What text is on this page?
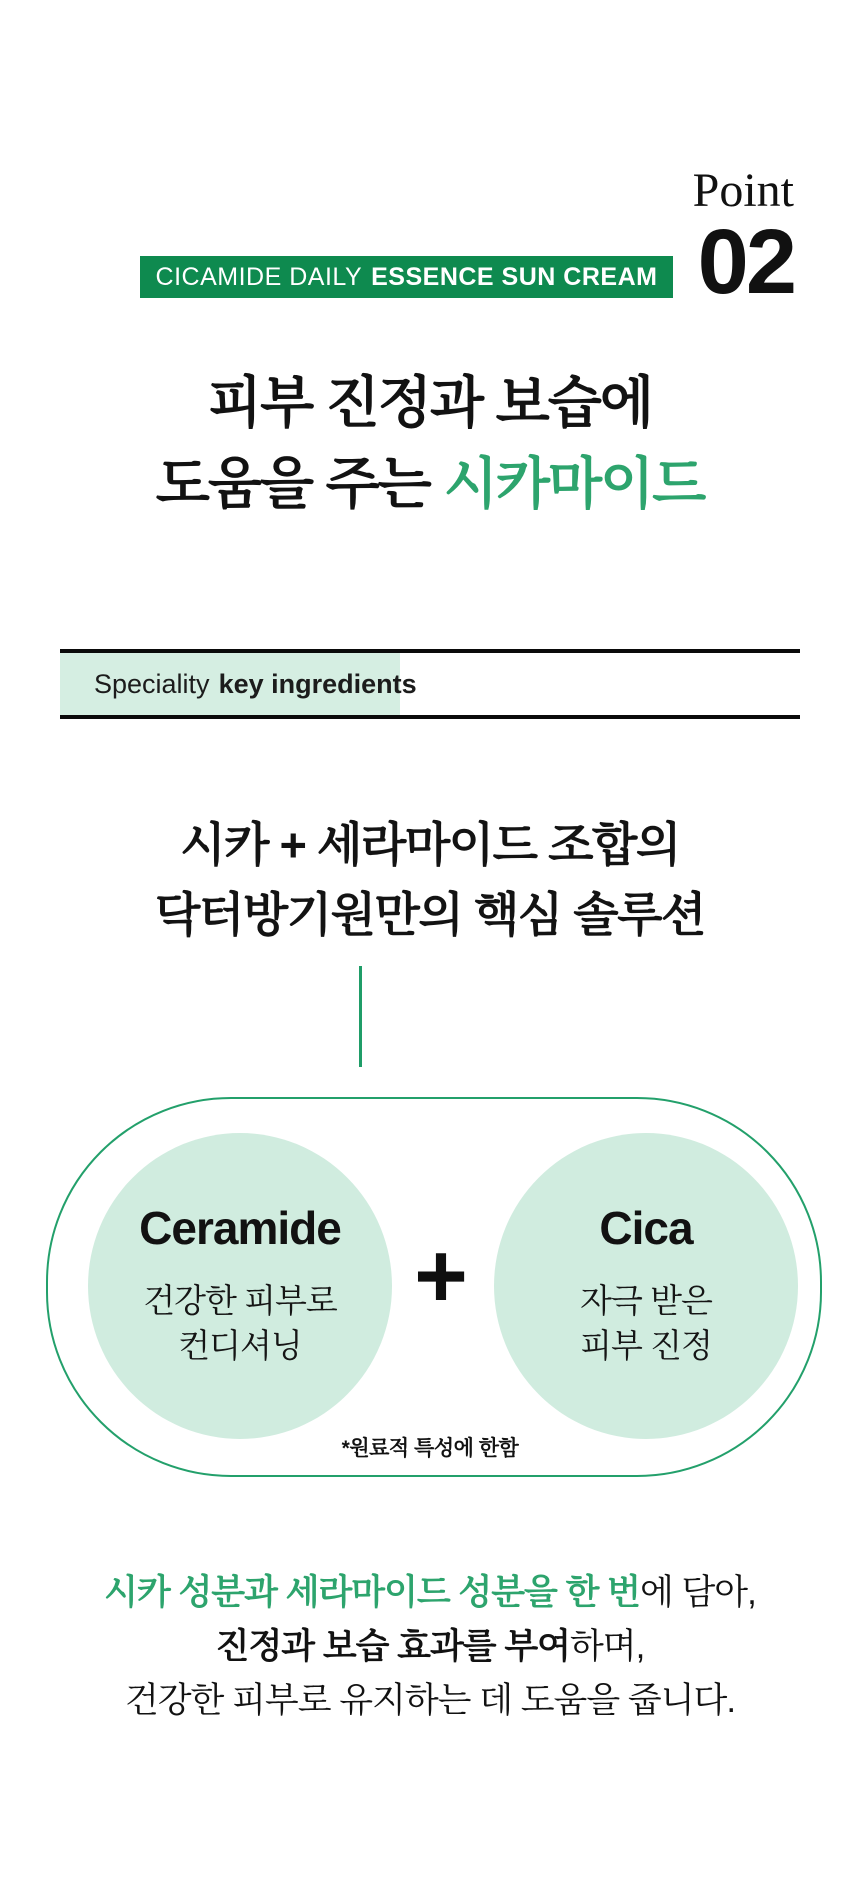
Point
02
CICAMIDE DAILY ESSENCE SUN CREAM
피부 진정과 보습에
도움을 주는 시카마이드
Speciality key ingredients
시카 + 세라마이드 조합의
닥터방기원만의 핵심 솔루션
Ceramide
건강한 피부로
컨디셔닝
+	Cica
자극 받은
피부 진정
*원료적 특성에 한함
시카 성분과 세라마이드 성분을 한 번에 담아,
진정과 보습 효과를 부여하며,
건강한 피부로 유지하는 데 도움을 줍니다.
